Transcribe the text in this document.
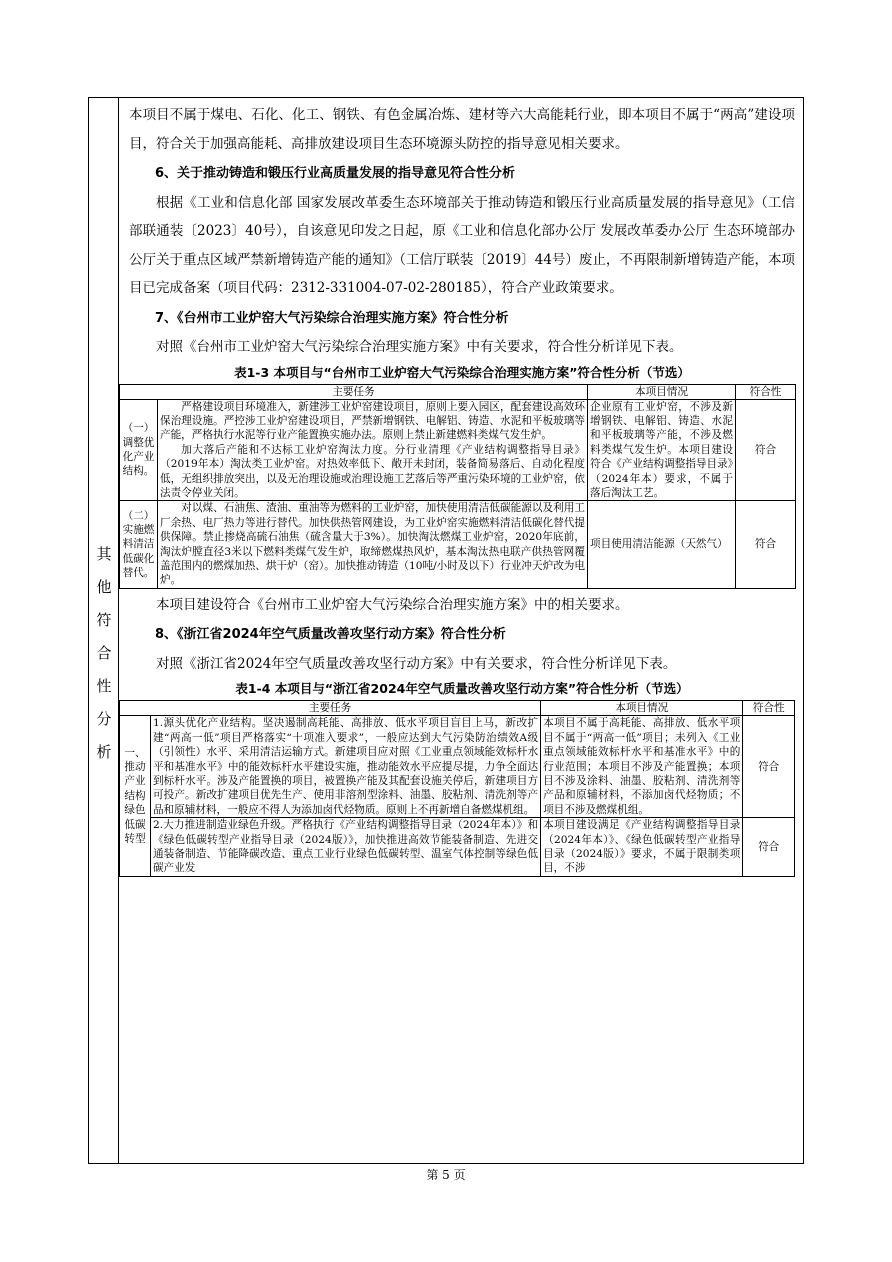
其
他
符
合
性
分
析

本项目不属于煤电、石化、化工、钢铁、有色金属冶炼、建材等六大高能耗行业，即本项目不属于“两高”建设项目，符合关于加强高能耗、高排放建设项目生态环境源头防控的指导意见相关要求。

6、关于推动铸造和锻压行业高质量发展的指导意见符合性分析

根据《工业和信息化部 国家发展改革委生态环境部关于推动铸造和锻压行业高质量发展的指导意见》（工信部联通装〔2023〕40号），自该意见印发之日起，原《工业和信息化部办公厅 发展改革委办公厅 生态环境部办公厅关于重点区域严禁新增铸造产能的通知》（工信厅联装〔2019〕44号）废止，不再限制新增铸造产能，本项目已完成备案（项目代码：2312-331004-07-02-280185），符合产业政策要求。

7、《台州市工业炉窑大气污染综合治理实施方案》符合性分析

对照《台州市工业炉窑大气污染综合治理实施方案》中有关要求，符合性分析详见下表。

表1-3 本项目与“台州市工业炉窑大气污染综合治理实施方案”符合性分析（节选）

主要任务		本项目情况	符合性
（一）调整优化产业结构。	严格建设项目环境准入，新建涉工业炉窑建设项目，原则上要入园区，配套建设高效环保治理设施。严控涉工业炉窑建设项目，严禁新增钢铁、电解铝、铸造、水泥和平板玻璃等产能，严格执行水泥等行业产能置换实施办法。原则上禁止新建燃料类煤气发生炉。
加大落后产能和不达标工业炉窑淘汰力度。分行业清理《产业结构调整指导目录》（2019年本）淘汰类工业炉窑。对热效率低下、敞开未封闭，装备简易落后、自动化程度低，无组织排放突出，以及无治理设施或治理设施工艺落后等严重污染环境的工业炉窑，依法责令停业关闭。	企业原有工业炉窑，不涉及新增钢铁、电解铝、铸造、水泥和平板玻璃等产能，不涉及燃料类煤气发生炉。本项目建设符合《产业结构调整指导目录》（2024年本）要求，不属于落后淘汰工艺。	符合
（二）实施燃料清洁低碳化替代。	对以煤、石油焦、渣油、重油等为燃料的工业炉窑，加快使用清洁低碳能源以及利用工厂余热、电厂热力等进行替代。加快供热管网建设，为工业炉窑实施燃料清洁低碳化替代提供保障。禁止掺烧高硫石油焦（硫含量大于3%）。加快淘汰燃煤工业炉窑，2020年底前，淘汰炉膛直径3米以下燃料类煤气发生炉，取缔燃煤热风炉，基本淘汰热电联产供热管网覆盖范围内的燃煤加热、烘干炉（窑）。加快推动铸造（10吨/小时及以下）行业冲天炉改为电炉。	项目使用清洁能源（天然气）	符合

本项目建设符合《台州市工业炉窑大气污染综合治理实施方案》中的相关要求。

8、《浙江省2024年空气质量改善攻坚行动方案》符合性分析

对照《浙江省2024年空气质量改善攻坚行动方案》中有关要求，符合性分析详见下表。

表1-4 本项目与“浙江省2024年空气质量改善攻坚行动方案”符合性分析（节选）

主要任务		本项目情况	符合性
一、推动产业结构绿色低碳转型	1.源头优化产业结构。坚决遏制高耗能、高排放、低水平项目盲目上马，新改扩建“两高一低”项目严格落实“十项准入要求”，一般应达到大气污染防治绩效A级（引领性）水平、采用清洁运输方式。新建项目应对照《工业重点领域能效标杆水平和基准水平》中的能效标杆水平建设实施，推动能效水平应提尽提，力争全面达到标杆水平。涉及产能置换的项目，被置换产能及其配套设施关停后，新建项目方可投产。新改扩建项目优先生产、使用非溶剂型涂料、油墨、胶粘剂、清洗剂等产品和原辅材料，一般应不得人为添加卤代烃物质。原则上不再新增自备燃煤机组。	本项目不属于高耗能、高排放、低水平项目不属于“两高一低”项目；未列入《工业重点领域能效标杆水平和基准水平》中的行业范围；本项目不涉及产能置换；本项目不涉及涂料、油墨、胶粘剂、清洗剂等产品和原辅材料，不添加卤代烃物质；不项目不涉及燃煤机组。	符合
	2.大力推进制造业绿色升级。严格执行《产业结构调整指导目录（2024年本）》和《绿色低碳转型产业指导目录（2024版）》，加快推进高效节能装备制造、先进交通装备制造、节能降碳改造、重点工业行业绿色低碳转型、温室气体控制等绿色低碳产业发	本项目建设满足《产业结构调整指导目录（2024年本）》、《绿色低碳转型产业指导目录（2024版）》要求，不属于限制类项目，不涉	符合
第 5 页
